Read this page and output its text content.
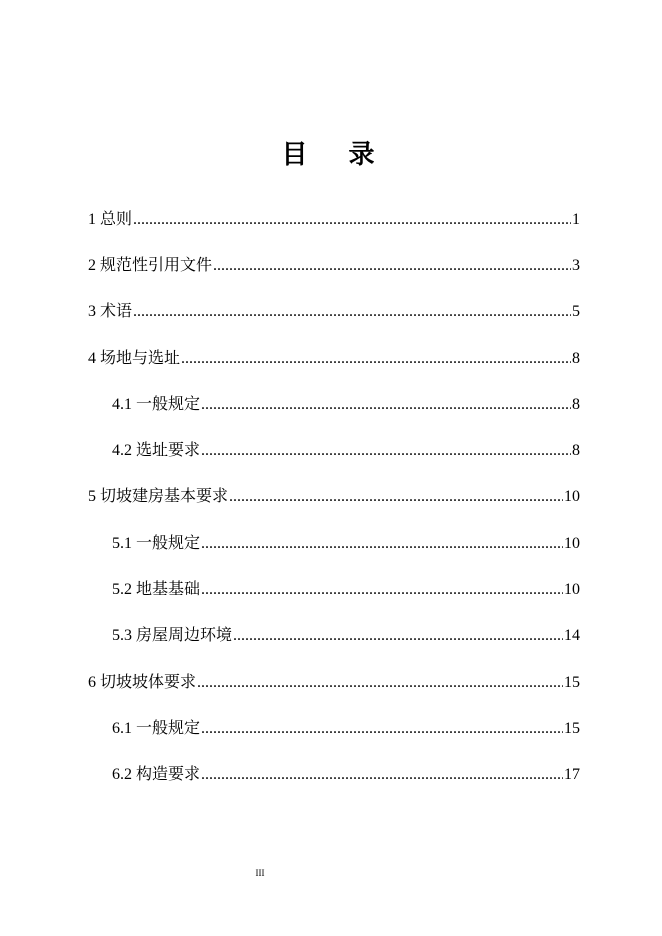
目 录
1 总则 .....	1
2 规范性引用文件 .....	3
3 术语 .....	5
4 场地与选址 .....	8
4.1 一般规定 .....	8
4.2 选址要求 .....	8
5 切坡建房基本要求 .....	10
5.1 一般规定 .....	10
5.2 地基基础 .....	10
5.3 房屋周边环境 .....	14
6 切坡坡体要求 .....	15
6.1 一般规定 .....	15
6.2 构造要求 .....	17
III
